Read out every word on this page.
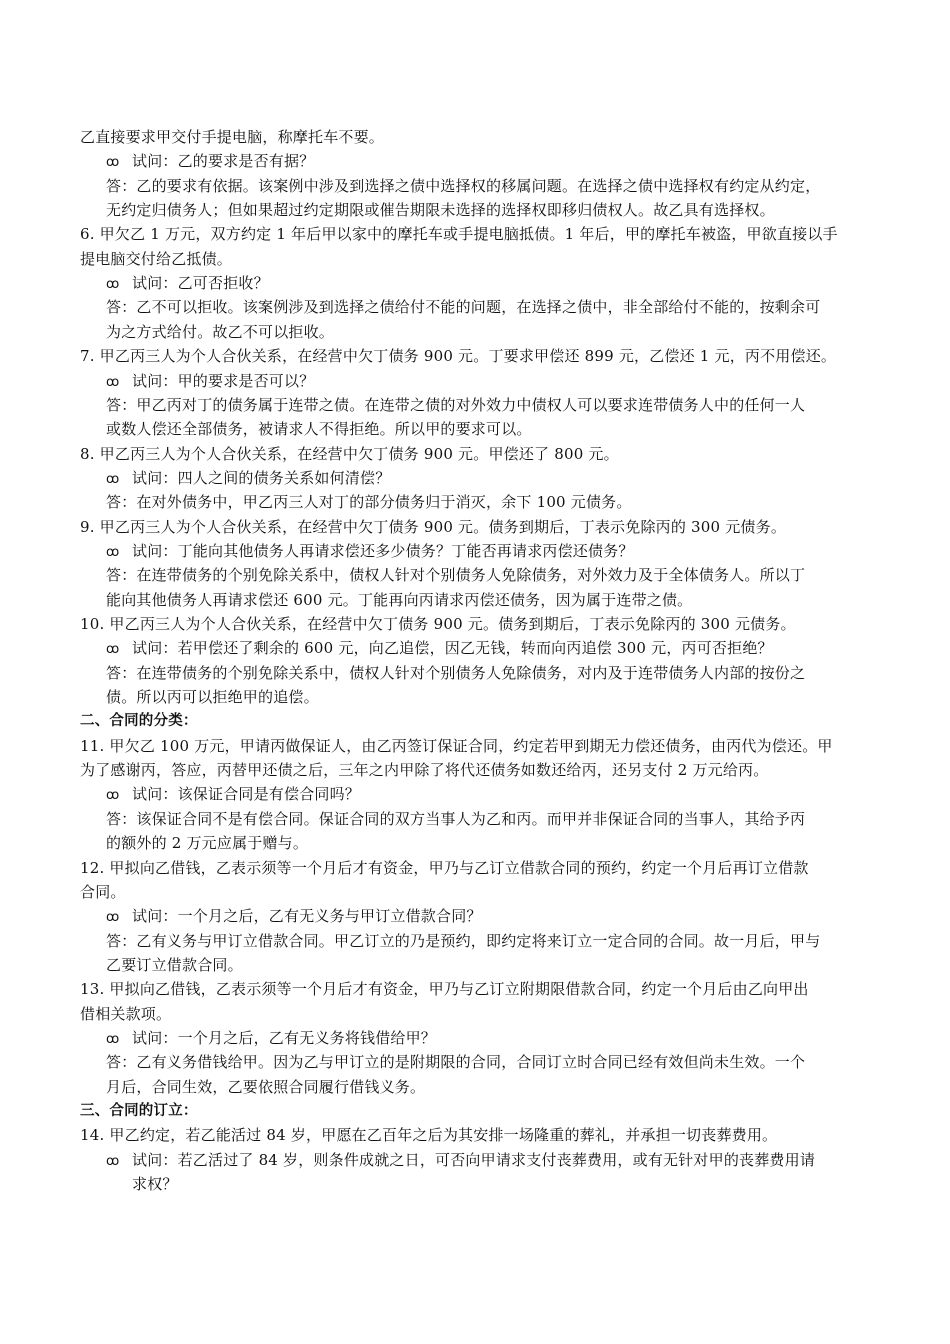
乙直接要求甲交付手提电脑，称摩托车不要。
ꝏ 试问：乙的要求是否有据？
答：乙的要求有依据。该案例中涉及到选择之债中选择权的移属问题。在选择之债中选择权有约定从约定，
无约定归债务人；但如果超过约定期限或催告期限未选择的选择权即移归债权人。故乙具有选择权。
6. 甲欠乙 1 万元，双方约定 1 年后甲以家中的摩托车或手提电脑抵债。1 年后，甲的摩托车被盗，甲欲直接以手
提电脑交付给乙抵债。
ꝏ 试问：乙可否拒收？
答：乙不可以拒收。该案例涉及到选择之债给付不能的问题，在选择之债中，非全部给付不能的，按剩余可
为之方式给付。故乙不可以拒收。
7. 甲乙丙三人为个人合伙关系，在经营中欠丁债务 900 元。丁要求甲偿还 899 元，乙偿还 1 元，丙不用偿还。
ꝏ 试问：甲的要求是否可以？
答：甲乙丙对丁的债务属于连带之债。在连带之债的对外效力中债权人可以要求连带债务人中的任何一人
或数人偿还全部债务，被请求人不得拒绝。所以甲的要求可以。
8. 甲乙丙三人为个人合伙关系，在经营中欠丁债务 900 元。甲偿还了 800 元。
ꝏ 试问：四人之间的债务关系如何清偿？
答：在对外债务中，甲乙丙三人对丁的部分债务归于消灭，余下 100 元债务。
9. 甲乙丙三人为个人合伙关系，在经营中欠丁债务 900 元。债务到期后，丁表示免除丙的 300 元债务。
ꝏ 试问：丁能向其他债务人再请求偿还多少债务？丁能否再请求丙偿还债务？
答：在连带债务的个别免除关系中，债权人针对个别债务人免除债务，对外效力及于全体债务人。所以丁
能向其他债务人再请求偿还 600 元。丁能再向丙请求丙偿还债务，因为属于连带之债。
10. 甲乙丙三人为个人合伙关系，在经营中欠丁债务 900 元。债务到期后，丁表示免除丙的 300 元债务。
ꝏ 试问：若甲偿还了剩余的 600 元，向乙追偿，因乙无钱，转而向丙追偿 300 元，丙可否拒绝？
答：在连带债务的个别免除关系中，债权人针对个别债务人免除债务，对内及于连带债务人内部的按份之
债。所以丙可以拒绝甲的追偿。
二、合同的分类：
11. 甲欠乙 100 万元，甲请丙做保证人，由乙丙签订保证合同，约定若甲到期无力偿还债务，由丙代为偿还。甲
为了感谢丙，答应，丙替甲还债之后，三年之内甲除了将代还债务如数还给丙，还另支付 2 万元给丙。
ꝏ 试问：该保证合同是有偿合同吗？
答：该保证合同不是有偿合同。保证合同的双方当事人为乙和丙。而甲并非保证合同的当事人，其给予丙
的额外的 2 万元应属于赠与。
12. 甲拟向乙借钱，乙表示须等一个月后才有资金，甲乃与乙订立借款合同的预约，约定一个月后再订立借款
合同。
ꝏ 试问：一个月之后，乙有无义务与甲订立借款合同？
答：乙有义务与甲订立借款合同。甲乙订立的乃是预约，即约定将来订立一定合同的合同。故一月后，甲与
乙要订立借款合同。
13. 甲拟向乙借钱，乙表示须等一个月后才有资金，甲乃与乙订立附期限借款合同，约定一个月后由乙向甲出
借相关款项。
ꝏ 试问：一个月之后，乙有无义务将钱借给甲？
答：乙有义务借钱给甲。因为乙与甲订立的是附期限的合同，合同订立时合同已经有效但尚未生效。一个
月后，合同生效，乙要依照合同履行借钱义务。
三、合同的订立：
14. 甲乙约定，若乙能活过 84 岁，甲愿在乙百年之后为其安排一场隆重的葬礼，并承担一切丧葬费用。
ꝏ 试问：若乙活过了 84 岁，则条件成就之日，可否向甲请求支付丧葬费用，或有无针对甲的丧葬费用请
求权？
